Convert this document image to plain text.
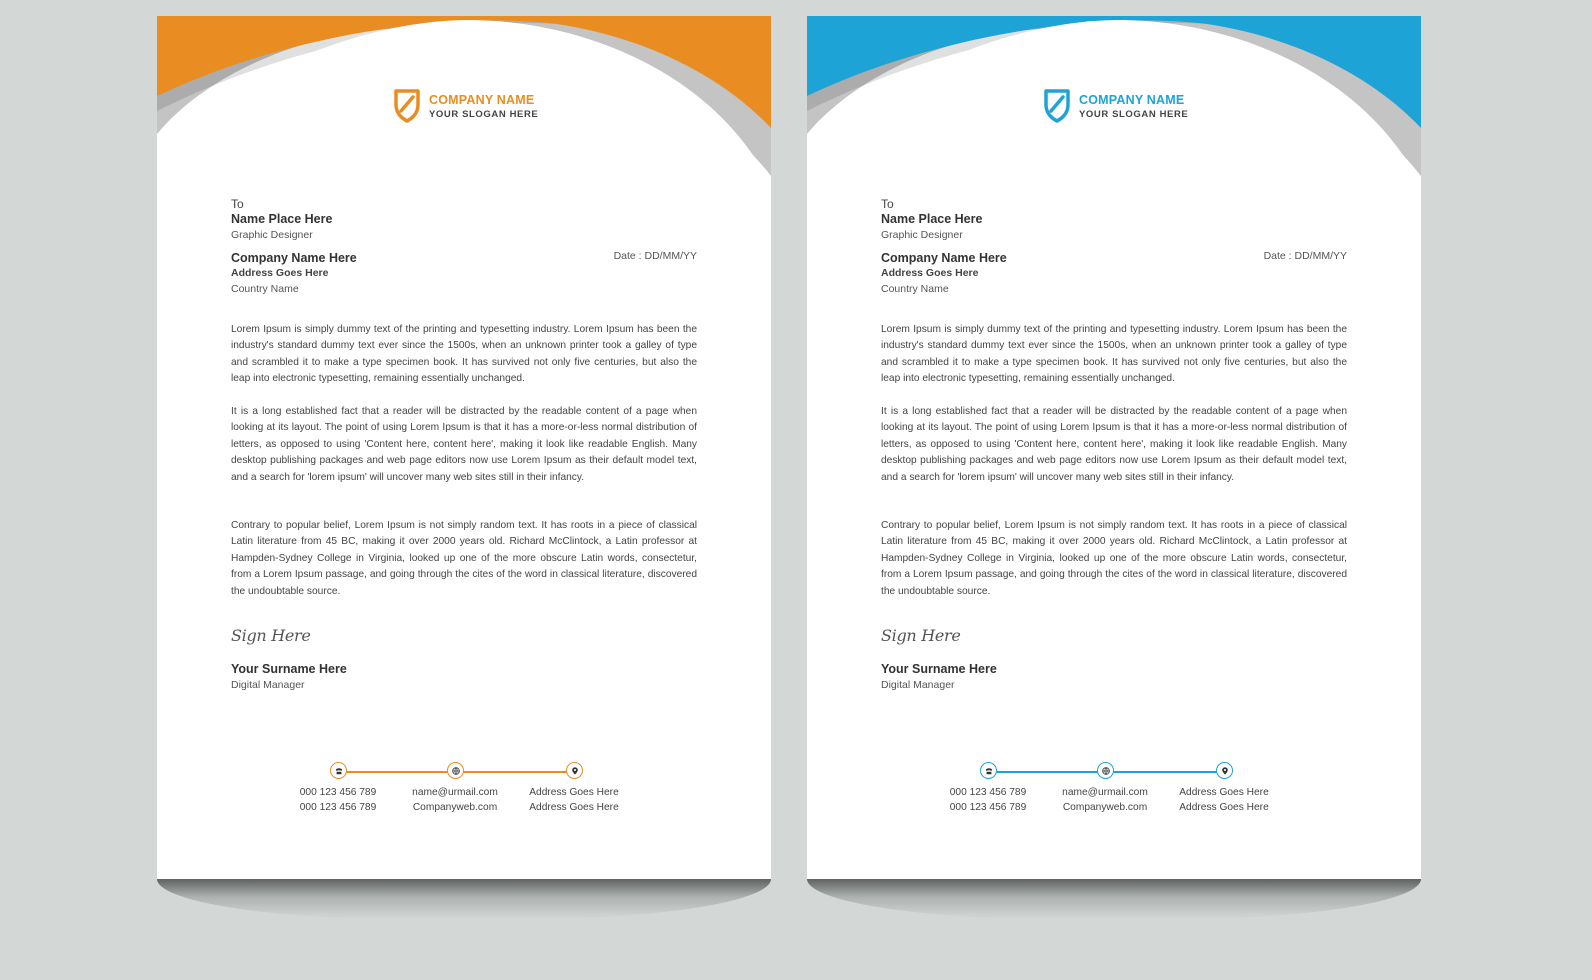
COMPANY NAME
YOUR SLOGAN HERE
To
Name Place Here
Graphic Designer
Company Name Here
Address Goes Here
Country Name
Date : DD/MM/YY

Lorem Ipsum is simply dummy text of the printing and typesetting industry. Lorem Ipsum has been the industry's standard dummy text ever since the 1500s, when an unknown printer took a galley of type and scrambled it to make a type specimen book. It has survived not only five centuries, but also the leap into electronic typesetting, remaining essentially unchanged.

It is a long established fact that a reader will be distracted by the readable content of a page when looking at its layout. The point of using Lorem Ipsum is that it has a more-or-less normal distribution of letters, as opposed to using 'Content here, content here', making it look like readable English. Many desktop publishing packages and web page editors now use Lorem Ipsum as their default model text, and a search for 'lorem ipsum' will uncover many web sites still in their infancy.

Contrary to popular belief, Lorem Ipsum is not simply random text. It has roots in a piece of classical Latin literature from 45 BC, making it over 2000 years old. Richard McClintock, a Latin professor at Hampden-Sydney College in Virginia, looked up one of the more obscure Latin words, consectetur, from a Lorem Ipsum passage, and going through the cites of the word in classical literature, discovered the undoubtable source.

Sign Here
Your Surname Here
Digital Manager
000 123 456 789
000 123 456 789
name@urmail.com
Companyweb.com
Address Goes Here
Address Goes Here
COMPANY NAME
YOUR SLOGAN HERE
To
Name Place Here
Graphic Designer
Company Name Here
Address Goes Here
Country Name
Date : DD/MM/YY

Lorem Ipsum is simply dummy text of the printing and typesetting industry. Lorem Ipsum has been the industry's standard dummy text ever since the 1500s, when an unknown printer took a galley of type and scrambled it to make a type specimen book. It has survived not only five centuries, but also the leap into electronic typesetting, remaining essentially unchanged.

It is a long established fact that a reader will be distracted by the readable content of a page when looking at its layout. The point of using Lorem Ipsum is that it has a more-or-less normal distribution of letters, as opposed to using 'Content here, content here', making it look like readable English. Many desktop publishing packages and web page editors now use Lorem Ipsum as their default model text, and a search for 'lorem ipsum' will uncover many web sites still in their infancy.

Contrary to popular belief, Lorem Ipsum is not simply random text. It has roots in a piece of classical Latin literature from 45 BC, making it over 2000 years old. Richard McClintock, a Latin professor at Hampden-Sydney College in Virginia, looked up one of the more obscure Latin words, consectetur, from a Lorem Ipsum passage, and going through the cites of the word in classical literature, discovered the undoubtable source.

Sign Here
Your Surname Here
Digital Manager
000 123 456 789
000 123 456 789
name@urmail.com
Companyweb.com
Address Goes Here
Address Goes Here
